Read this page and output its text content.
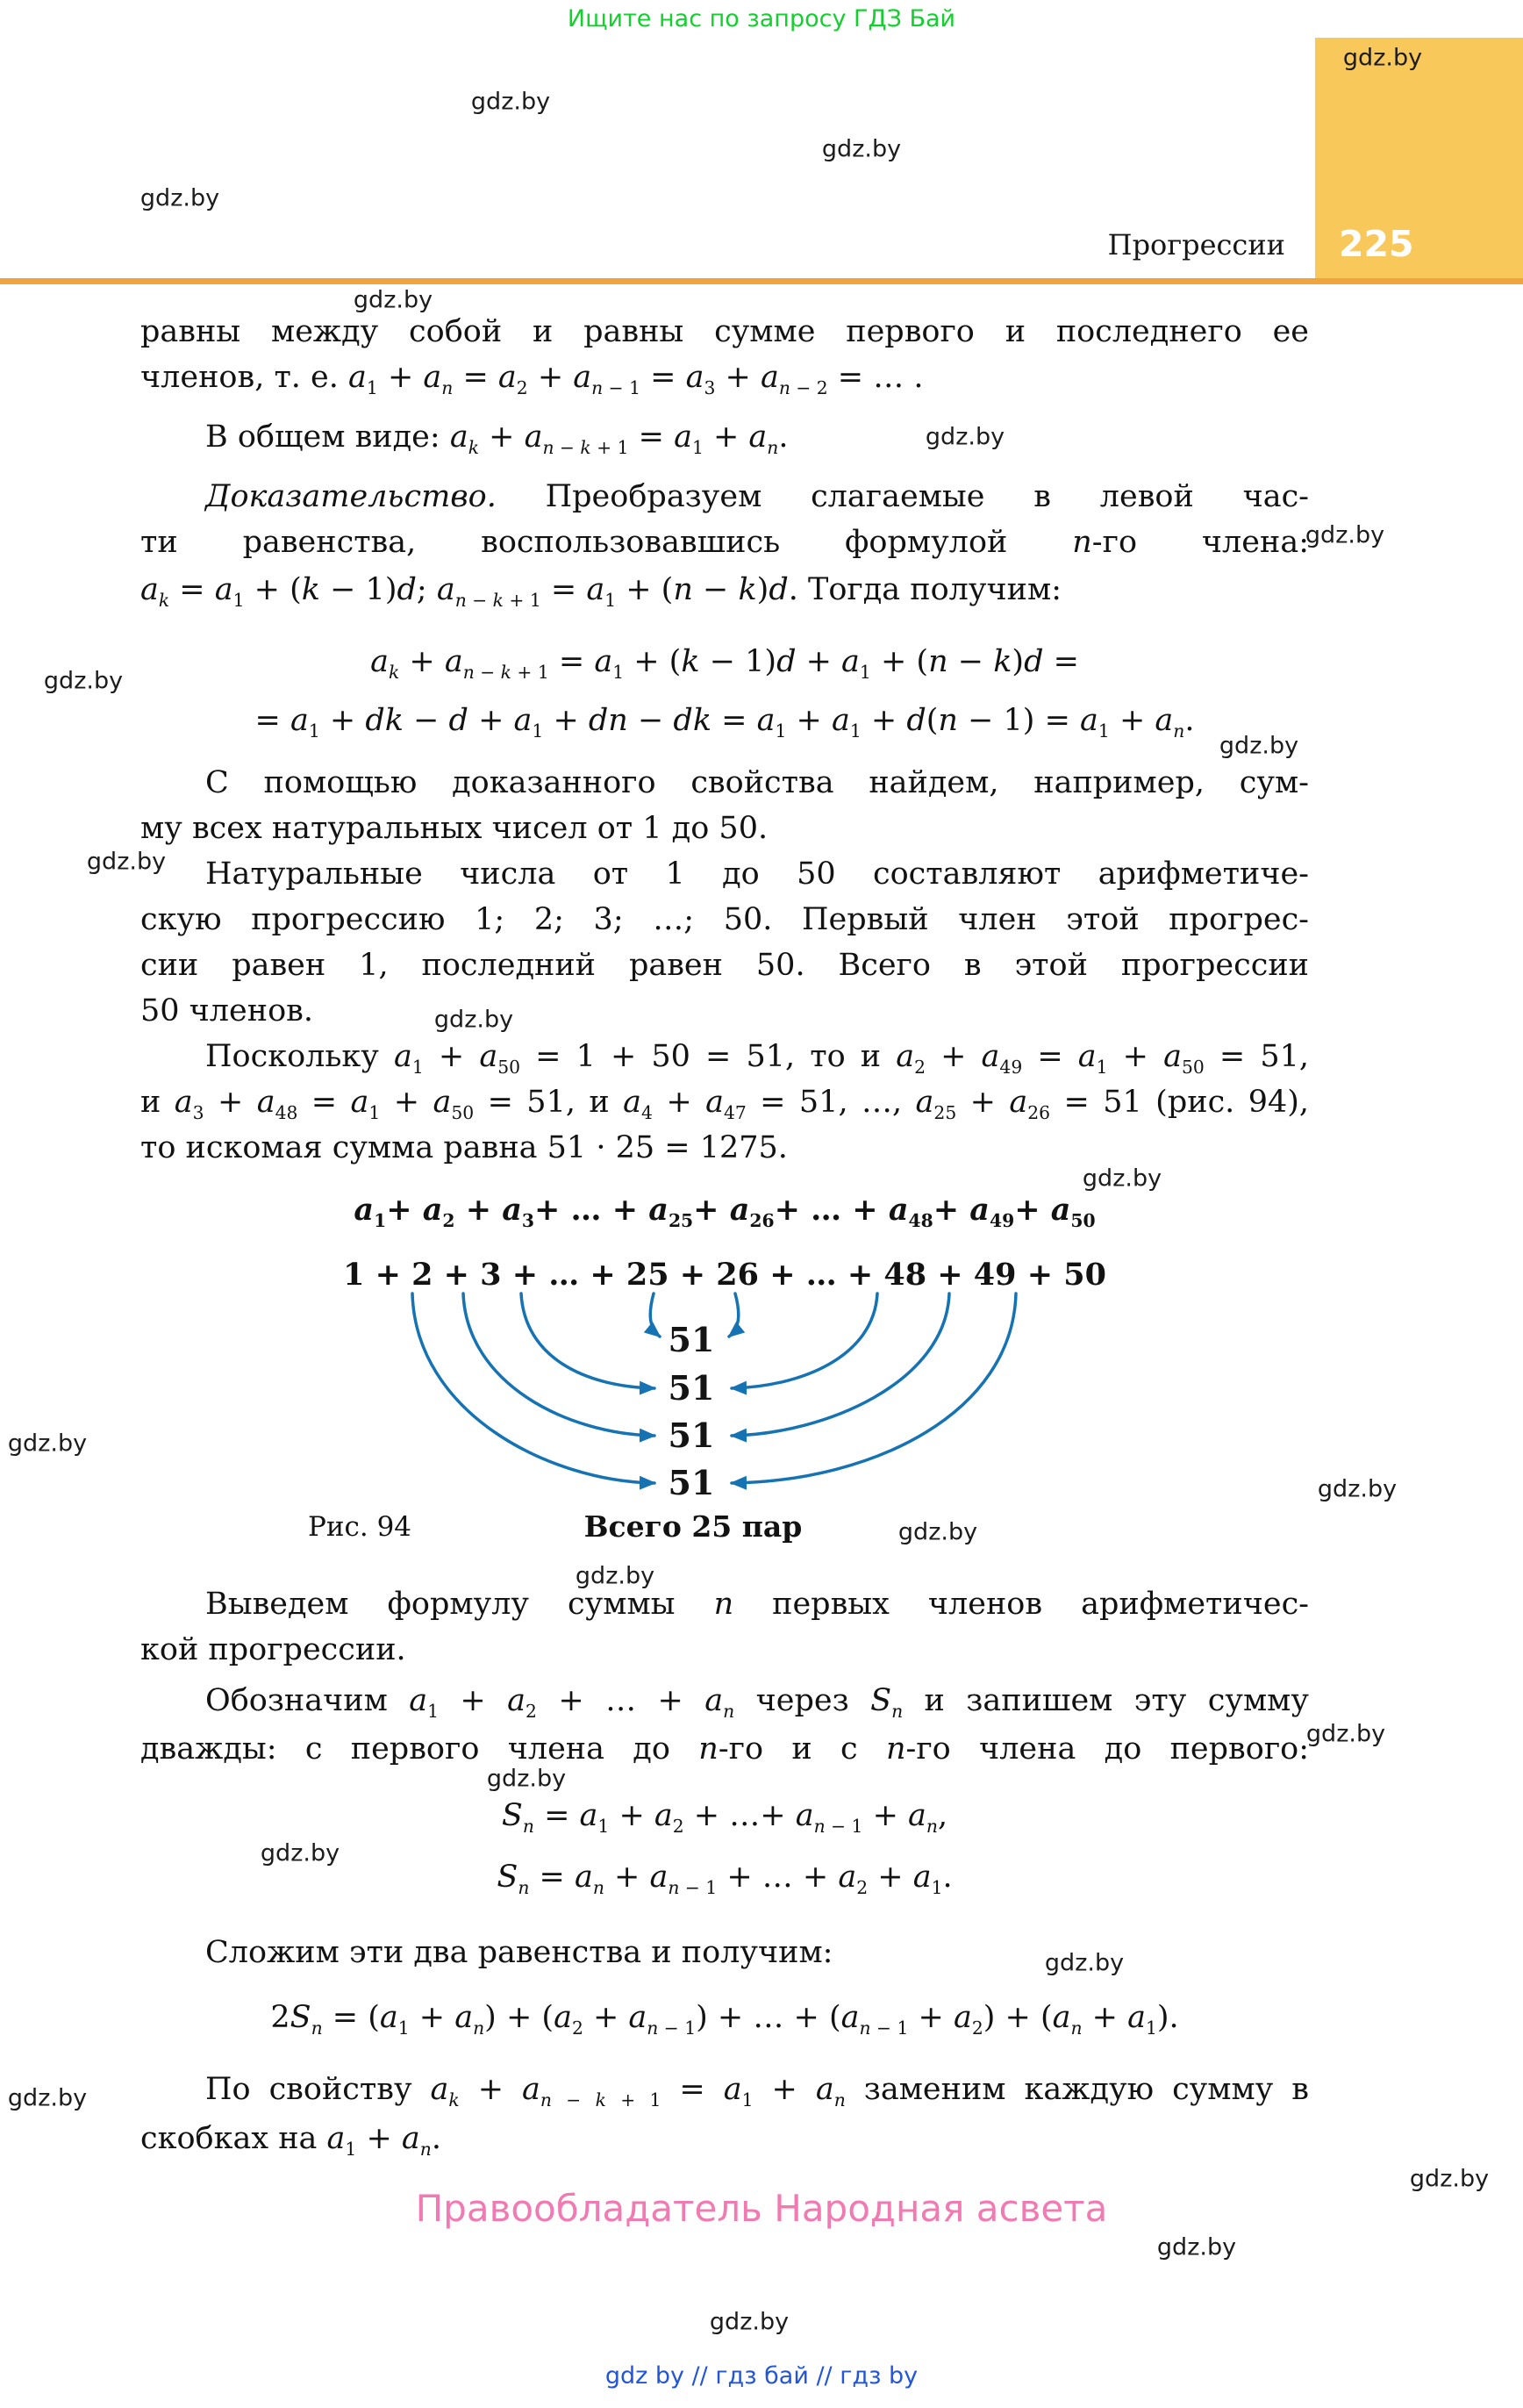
Ищите нас по запросу ГДЗ Бай
Прогрессии 225
gdz.by
gdz.by
gdz.by
gdz.by
gdz.by
gdz.by
gdz.by
gdz.by
gdz.by
gdz.by
gdz.by
gdz.by
gdz.by
gdz.by
gdz.by
gdz.by
gdz.by
gdz.by
gdz.by
gdz.by
gdz.by
gdz.by
gdz.by
gdz.by
равны между собой и равны сумме первого и последнего ее
членов, т. е. $a_1 + a_n = a_2 + a_{n - 1} = a_3 + a_{n - 2}$ = … .
В общем виде: $a_k + a_{n - k + 1} = a_1 + a_n$.
Доказательство. Преобразуем слагаемые в левой час-
ти равенства, воспользовавшись формулой n-го члена:
$a_k = a_1 + (k - 1)d$; $a_{n - k + 1} = a_1 + (n - k)d$. Тогда получим:
$a_k + a_{n - k + 1} = a_1 + (k - 1)d + a_1 + (n - k)d$ =
= $a_1$ + dk − $d + a_1$ + dn − dk = $a_1 + a_1 + d(n - 1) = a_1 + a_n$.
С помощью доказанного свойства найдем, например, сум-
му всех натуральных чисел от 1 до 50.
Натуральные числа от 1 до 50 составляют арифметиче-
скую прогрессию 1; 2; 3; …; 50. Первый член этой прогрес-
сии равен 1, последний равен 50. Всего в этой прогрессии
50 членов.
Поскольку $a_1 + a_{50} = 1 + 50 = 51$, то и $a_2 + a_{49} = a_1 + a_{50} = 51$,
и $a_3 + a_{48} = a_1 + a_{50} = 51$, и $a_4 + a_{47} = 51$, …, $a_{25} + a_{26} = 51$ (рис. 94),
то искомая сумма равна 51 · 25 = 1275.
$a_1+ a_2 + a_3+$ … + $a_{25}+ a_{26}+$ … + $a_{48}+ a_{49}+ a_{50}$
1 + 2 + 3 + … + 25 + 26 + … + 48 + 49 + 50
51
51
51
51
Рис. 94	Всего 25 пар
Выведем формулу суммы n первых членов арифметичес-
кой прогрессии.
Обозначим $a_1 + a_2$ + … + $a_n$ через $S_n$ и запишем эту сумму
дважды: с первого члена до n-го и с n-го члена до первого:
$S_n = a_1 + a_2$ + …+ $a_{n - 1} + a_n$,
$S_n = a_n + a_{n - 1}$ + … + $a_2 + a_1$.
Сложим эти два равенства и получим:
$2S_n = (a_1 + a_n) + (a_2 + a_{n - 1})$ + … + $(a_{n - 1} + a_2) + (a_n + a_1)$.
По свойству $a_k + a_{n - k + 1} = a_1 + a_n$ заменим каждую сумму в
скобках на $a_1 + a_n$.
Правообладатель Народная асвета
gdz by // гдз бай // гдз by
